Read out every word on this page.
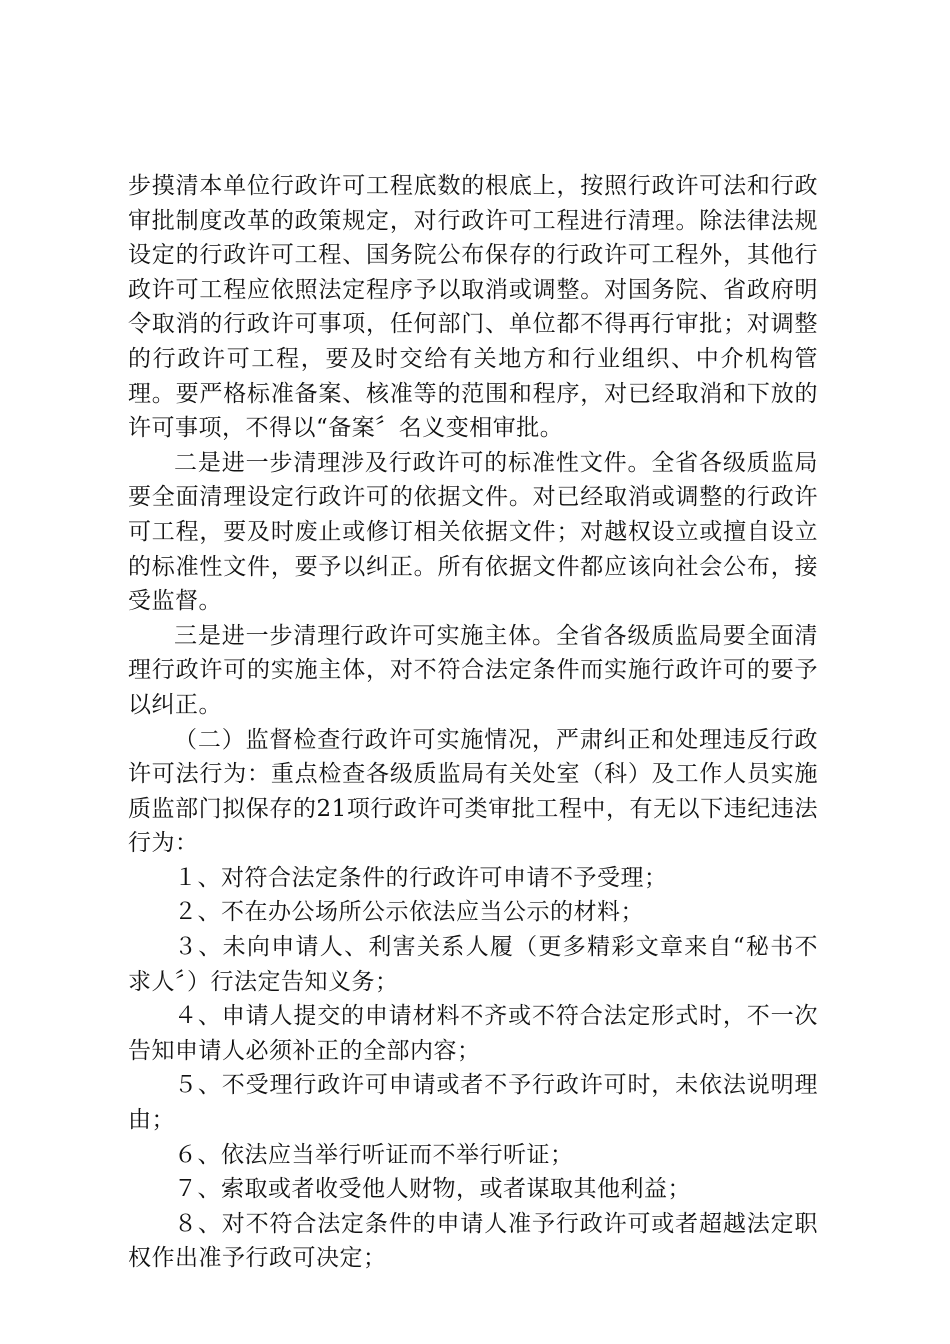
步摸清本单位行政许可工程底数的根底上，按照行政许可法和行政审批制度改革的政策规定，对行政许可工程进行清理。除法律法规设定的行政许可工程、国务院公布保存的行政许可工程外，其他行政许可工程应依照法定程序予以取消或调整。对国务院、省政府明令取消的行政许可事项，任何部门、单位都不得再行审批；对调整的行政许可工程，要及时交给有关地方和行业组织、中介机构管理。要严格标准备案、核准等的范围和程序，对已经取消和下放的许可事项，不得以“备案〞名义变相审批。

二是进一步清理涉及行政许可的标准性文件。全省各级质监局要全面清理设定行政许可的依据文件。对已经取消或调整的行政许可工程，要及时废止或修订相关依据文件；对越权设立或擅自设立的标准性文件，要予以纠正。所有依据文件都应该向社会公布，接受监督。

三是进一步清理行政许可实施主体。全省各级质监局要全面清理行政许可的实施主体，对不符合法定条件而实施行政许可的要予以纠正。

（二）监督检查行政许可实施情况，严肃纠正和处理违反行政许可法行为：重点检查各级质监局有关处室（科）及工作人员实施质监部门拟保存的21项行政许可类审批工程中，有无以下违纪违法行为：

１、对符合法定条件的行政许可申请不予受理；

２、不在办公场所公示依法应当公示的材料；

３、未向申请人、利害关系人履（更多精彩文章来自“秘书不求人〞）行法定告知义务；

４、申请人提交的申请材料不齐或不符合法定形式时，不一次告知申请人必须补正的全部内容；

５、不受理行政许可申请或者不予行政许可时，未依法说明理由；

６、依法应当举行听证而不举行听证；

７、索取或者收受他人财物，或者谋取其他利益；

８、对不符合法定条件的申请人准予行政许可或者超越法定职权作出准予行政可决定；
